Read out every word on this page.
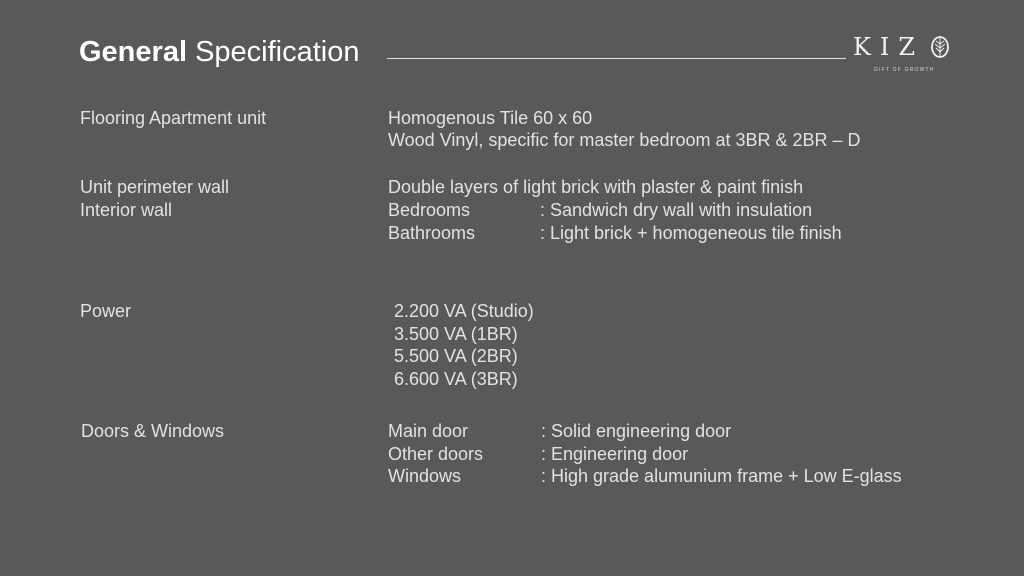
General Specification	KIZ
GIFT OF GROWTH
Flooring Apartment unit	Homogenous Tile 60 x 60
Wood Vinyl, specific for master bedroom at 3BR & 2BR – D
Unit perimeter wall	Double layers of light brick with plaster & paint finish
Interior wall	Bedrooms	: Sandwich dry wall with insulation
Bathrooms	: Light brick + homogeneous tile finish
Power	2.200 VA (Studio)
3.500 VA (1BR)
5.500 VA (2BR)
6.600 VA (3BR)
Doors & Windows	Main door	: Solid engineering door
Other doors	: Engineering door
Windows	: High grade alumunium frame + Low E-glass
